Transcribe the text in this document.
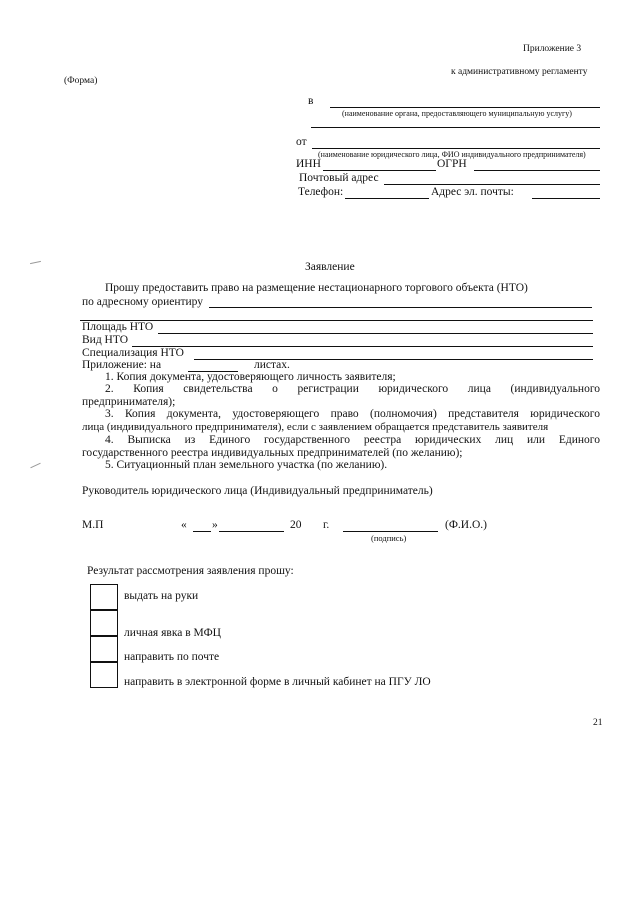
Приложение 3
к административному регламенту
(Форма)
в
(наименование органа, предоставляющего муниципальную услугу)
от
(наименование юридического лица, ФИО индивидуального предпринимателя)
ИНН	ОГРН
Почтовый адрес
Телефон:	Адрес эл. почты:
Заявление
Прошу предоставить право на размещение нестационарного торгового объекта (НТО)
по адресному ориентиру
Площадь НТО
Вид НТО
Специализация НТО
Приложение: на	листах.
1. Копия документа, удостоверяющего личность заявителя;
2. Копия свидетельства о регистрации юридического лица (индивидуального
предпринимателя);
3. Копия документа, удостоверяющего право (полномочия) представителя юридического
лица (индивидуального предпринимателя), если с заявлением обращается представитель заявителя
4. Выписка из Единого государственного реестра юридических лиц или Единого
государственного реестра индивидуальных предпринимателей (по желанию);
5. Ситуационный план земельного участка (по желанию).
Руководитель юридического лица (Индивидуальный предприниматель)
М.П	« »	20 г.	(Ф.И.О.)
(подпись)
Результат рассмотрения заявления прошу:
выдать на руки
личная явка в МФЦ
направить по почте
направить в электронной форме в личный кабинет на ПГУ ЛО
21
